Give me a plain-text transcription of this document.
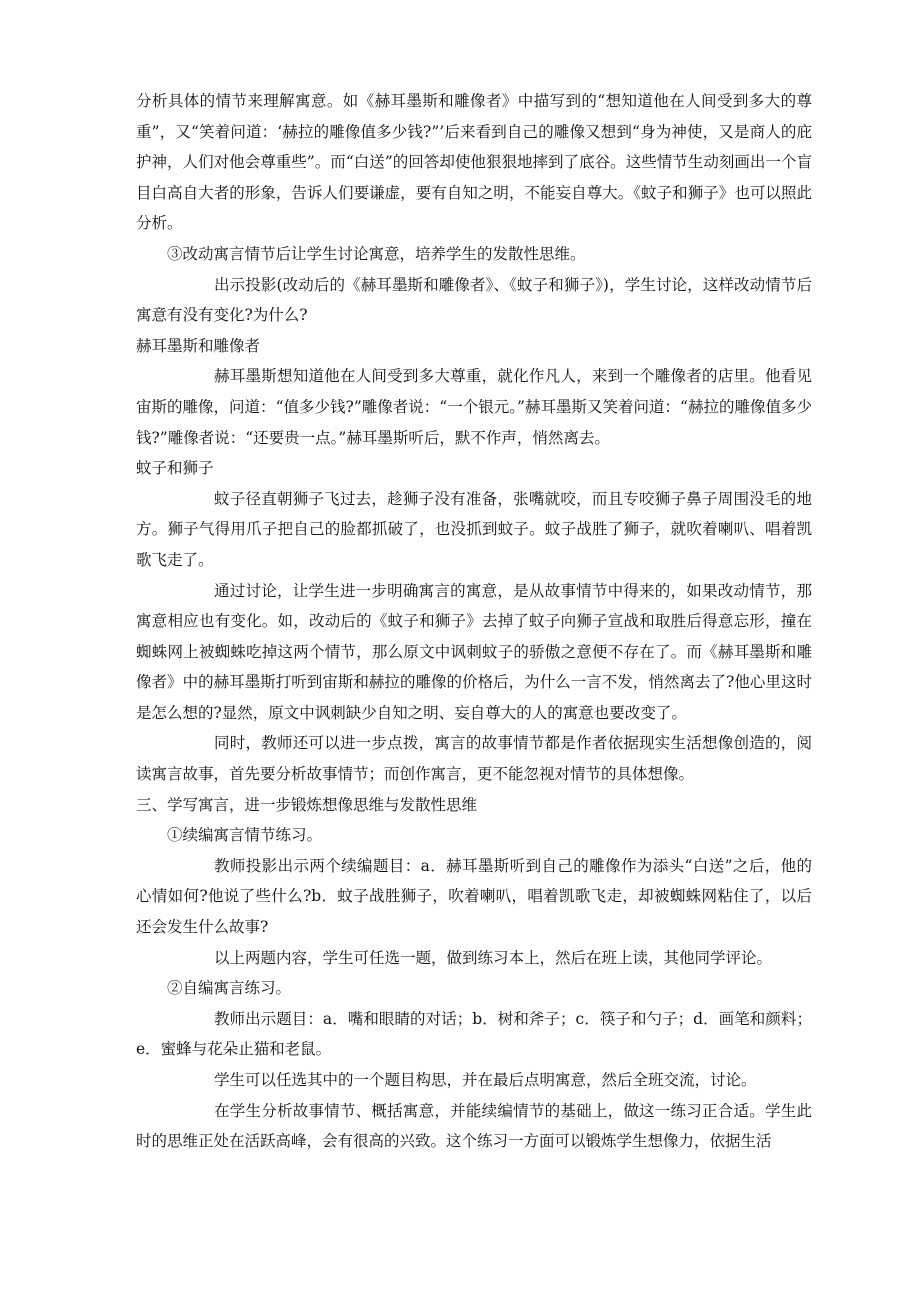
分析具体的情节来理解寓意。如《赫耳墨斯和雕像者》中描写到的“想知道他在人间受到多大的尊重”，又“笑着问道：‘赫拉的雕像值多少钱?”’后来看到自己的雕像又想到“身为神使，又是商人的庇护神，人们对他会尊重些”。而“白送”的回答却使他狠狠地摔到了底谷。这些情节生动刻画出一个盲目白高自大者的形象，告诉人们要谦虚，要有自知之明，不能妄自尊大。《蚊子和狮子》也可以照此分析。

③改动寓言情节后让学生讨论寓意，培养学生的发散性思维。

出示投影(改动后的《赫耳墨斯和雕像者》、《蚊子和狮子》)，学生讨论，这样改动情节后寓意有没有变化?为什么?

赫耳墨斯和雕像者

赫耳墨斯想知道他在人间受到多大尊重，就化作凡人，来到一个雕像者的店里。他看见宙斯的雕像，问道：“值多少钱?”雕像者说：“一个银元。”赫耳墨斯又笑着问道：“赫拉的雕像值多少钱?”雕像者说：“还要贵一点。”赫耳墨斯听后，默不作声，悄然离去。

蚊子和狮子

蚊子径直朝狮子飞过去，趁狮子没有准备，张嘴就咬，而且专咬狮子鼻子周围没毛的地方。狮子气得用爪子把自己的脸都抓破了，也没抓到蚊子。蚊子战胜了狮子，就吹着喇叭、唱着凯歌飞走了。

通过讨论，让学生进一步明确寓言的寓意，是从故事情节中得来的，如果改动情节，那寓意相应也有变化。如，改动后的《蚊子和狮子》去掉了蚊子向狮子宣战和取胜后得意忘形，撞在蜘蛛网上被蜘蛛吃掉这两个情节，那么原文中讽刺蚊子的骄傲之意便不存在了。而《赫耳墨斯和雕像者》中的赫耳墨斯打听到宙斯和赫拉的雕像的价格后，为什么一言不发，悄然离去了?他心里这时是怎么想的?显然，原文中讽刺缺少自知之明、妄自尊大的人的寓意也要改变了。

同时，教师还可以进一步点拨，寓言的故事情节都是作者依据现实生活想像创造的，阅读寓言故事，首先要分析故事情节；而创作寓言，更不能忽视对情节的具体想像。

三、学写寓言，进一步锻炼想像思维与发散性思维

①续编寓言情节练习。

教师投影出示两个续编题目：a．赫耳墨斯听到自己的雕像作为添头“白送”之后，他的心情如何?他说了些什么?b．蚊子战胜狮子，吹着喇叭，唱着凯歌飞走，却被蜘蛛网粘住了，以后还会发生什么故事?

以上两题内容，学生可任选一题，做到练习本上，然后在班上读，其他同学评论。

②自编寓言练习。

教师出示题目：a．嘴和眼睛的对话；b．树和斧子；c．筷子和勺子；d．画笔和颜料；e．蜜蜂与花朵止猫和老鼠。

学生可以任选其中的一个题目构思，并在最后点明寓意，然后全班交流，讨论。

在学生分析故事情节、概括寓意，并能续编情节的基础上，做这一练习正合适。学生此时的思维正处在活跃高峰，会有很高的兴致。这个练习一方面可以锻炼学生想像力，依据生活
